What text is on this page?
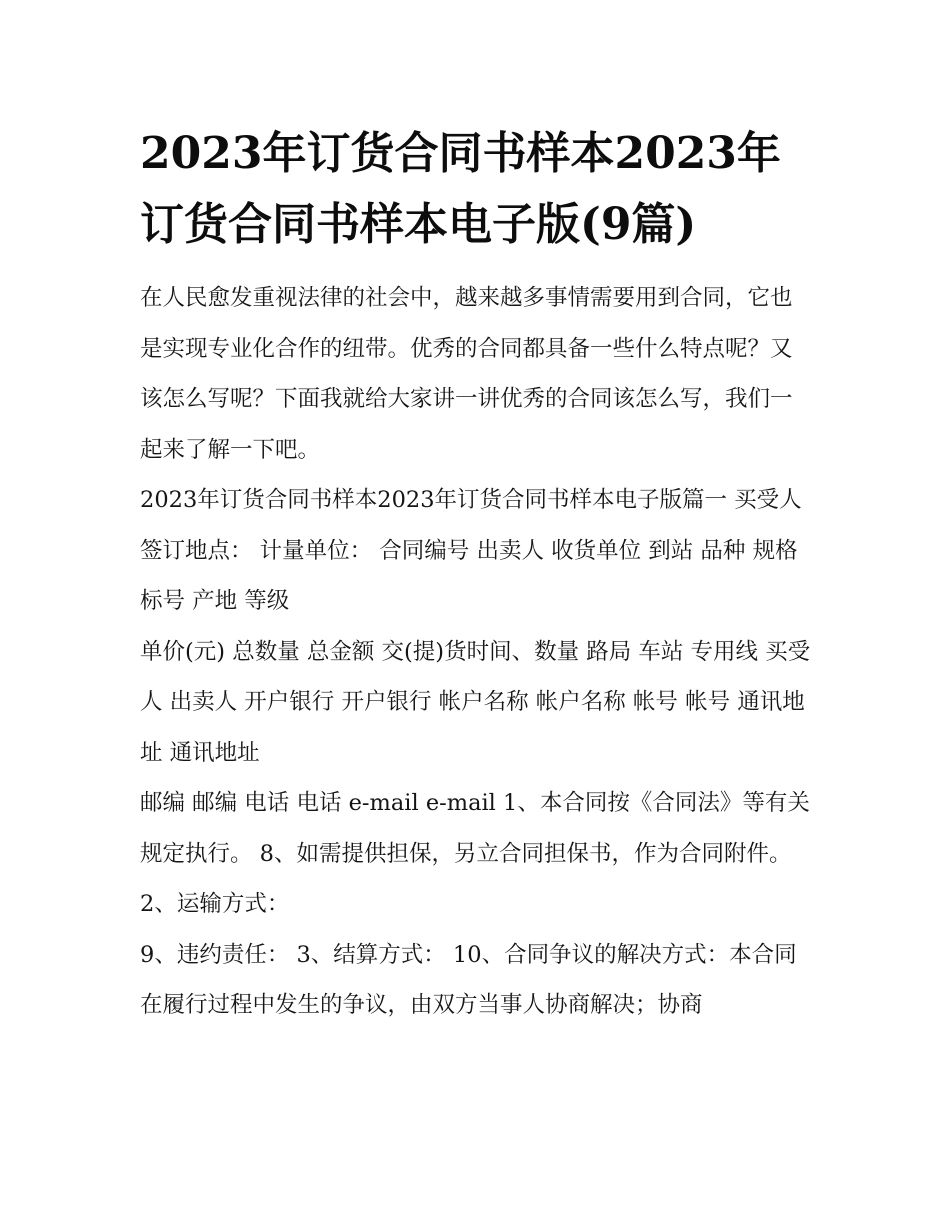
2023年订货合同书样本2023年订货合同书样本电子版(9篇)

在人民愈发重视法律的社会中，越来越多事情需要用到合同，它也是实现专业化合作的纽带。优秀的合同都具备一些什么特点呢？又该怎么写呢？下面我就给大家讲一讲优秀的合同该怎么写，我们一起来了解一下吧。

2023年订货合同书样本2023年订货合同书样本电子版篇一 买受人 签订地点： 计量单位： 合同编号 出卖人 收货单位 到站 品种 规格 标号 产地 等级

单价(元) 总数量 总金额 交(提)货时间、数量 路局 车站 专用线 买受人 出卖人 开户银行 开户银行 帐户名称 帐户名称 帐号 帐号 通讯地址 通讯地址

邮编 邮编 电话 电话 e-mail e-mail 1、本合同按《合同法》等有关规定执行。 8、如需提供担保，另立合同担保书，作为合同附件。 2、运输方式：

9、违约责任： 3、结算方式： 10、合同争议的解决方式：本合同在履行过程中发生的争议，由双方当事人协商解决；协商
